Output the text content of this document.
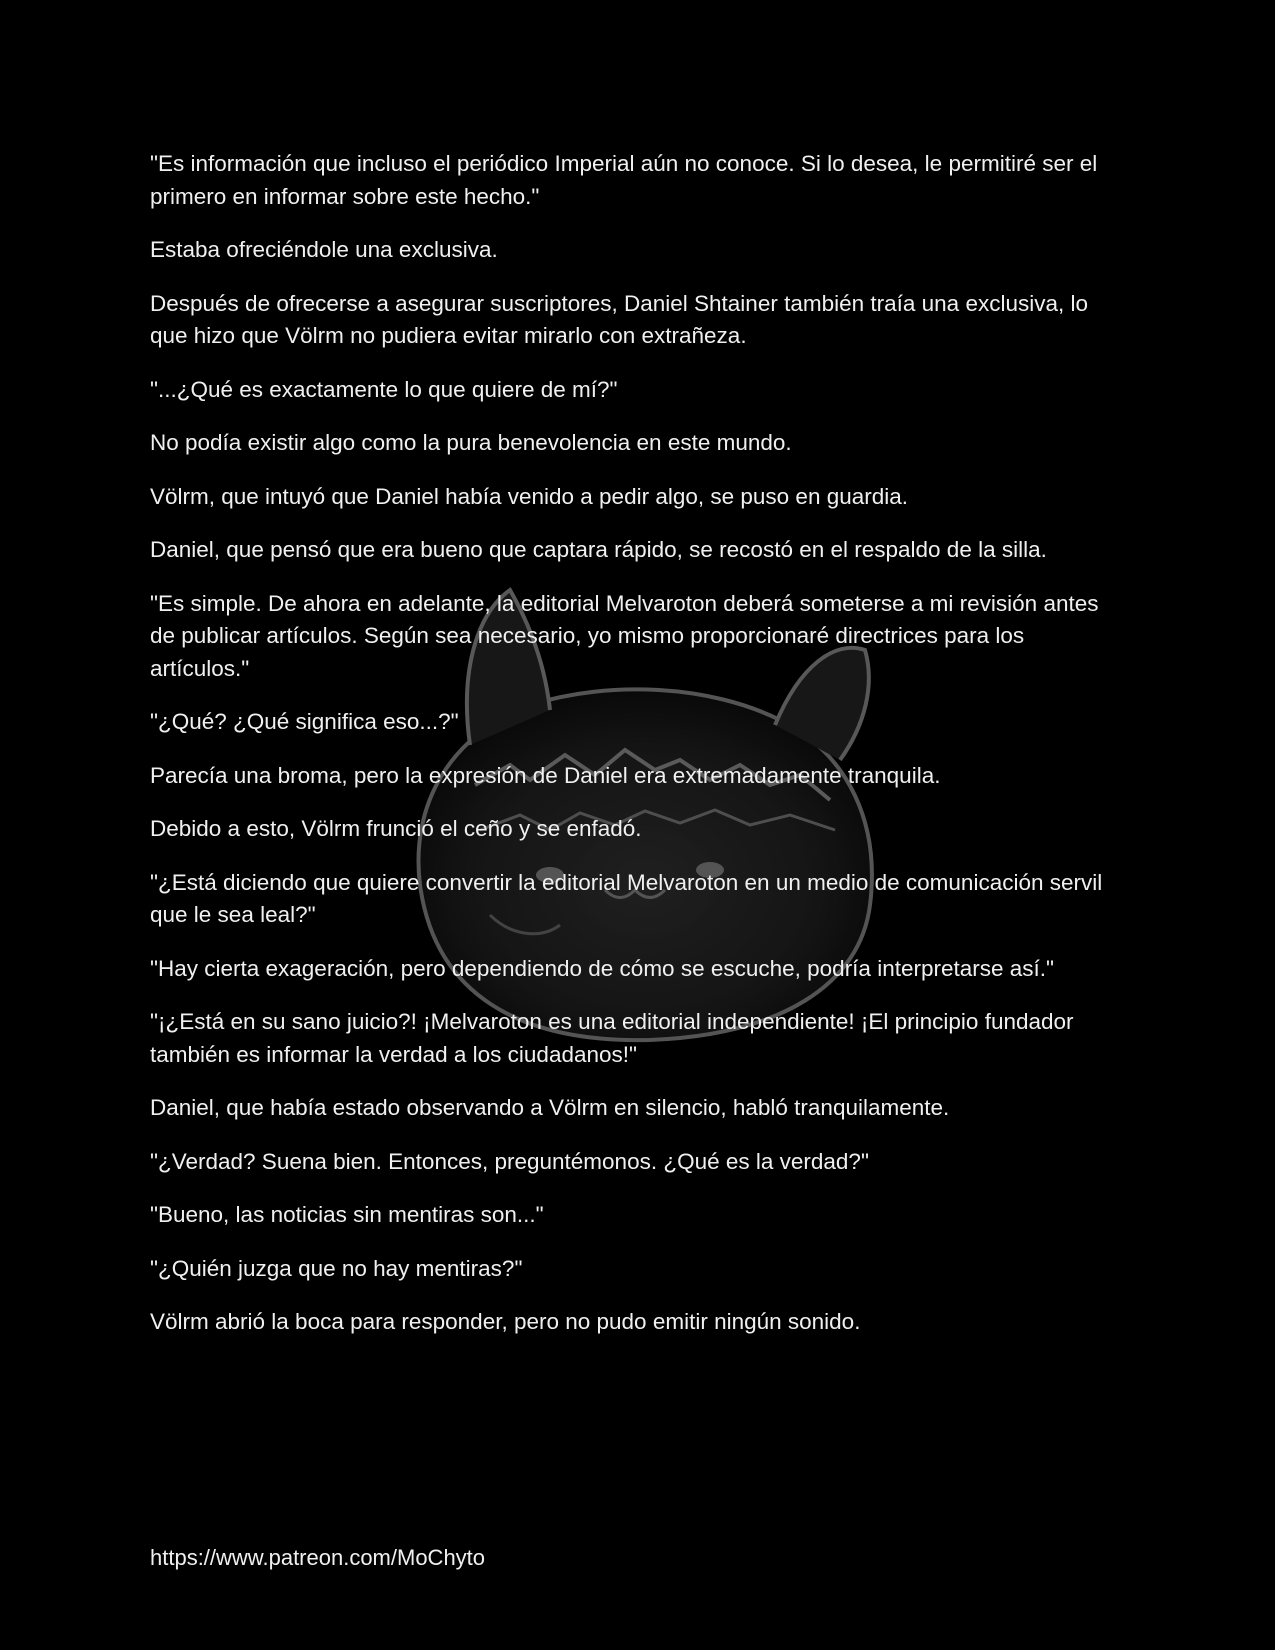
"Es información que incluso el periódico Imperial aún no conoce. Si lo desea, le permitiré ser el primero en informar sobre este hecho."

Estaba ofreciéndole una exclusiva.

Después de ofrecerse a asegurar suscriptores, Daniel Shtainer también traía una exclusiva, lo que hizo que Völrm no pudiera evitar mirarlo con extrañeza.

"...¿Qué es exactamente lo que quiere de mí?"

No podía existir algo como la pura benevolencia en este mundo.

Völrm, que intuyó que Daniel había venido a pedir algo, se puso en guardia.

Daniel, que pensó que era bueno que captara rápido, se recostó en el respaldo de la silla.

"Es simple. De ahora en adelante, la editorial Melvaroton deberá someterse a mi revisión antes de publicar artículos. Según sea necesario, yo mismo proporcionaré directrices para los artículos."

"¿Qué? ¿Qué significa eso...?"

Parecía una broma, pero la expresión de Daniel era extremadamente tranquila.

Debido a esto, Völrm frunció el ceño y se enfadó.

"¿Está diciendo que quiere convertir la editorial Melvaroton en un medio de comunicación servil que le sea leal?"

"Hay cierta exageración, pero dependiendo de cómo se escuche, podría interpretarse así."

"¡¿Está en su sano juicio?! ¡Melvaroton es una editorial independiente! ¡El principio fundador también es informar la verdad a los ciudadanos!"

Daniel, que había estado observando a Völrm en silencio, habló tranquilamente.

"¿Verdad? Suena bien. Entonces, preguntémonos. ¿Qué es la verdad?"

"Bueno, las noticias sin mentiras son..."

"¿Quién juzga que no hay mentiras?"

Völrm abrió la boca para responder, pero no pudo emitir ningún sonido.

https://www.patreon.com/MoChyto
